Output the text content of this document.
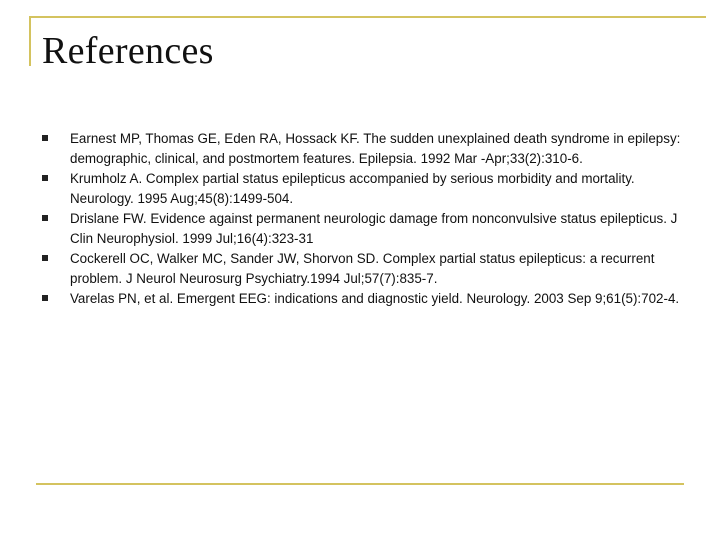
References
Earnest MP, Thomas GE, Eden RA, Hossack KF. The sudden unexplained death syndrome in epilepsy: demographic, clinical, and postmortem features. Epilepsia. 1992 Mar -Apr;33(2):310-6.
Krumholz A. Complex partial status epilepticus accompanied by serious morbidity and mortality. Neurology. 1995 Aug;45(8):1499-504.
Drislane FW. Evidence against permanent neurologic damage from nonconvulsive status epilepticus. J Clin Neurophysiol. 1999 Jul;16(4):323-31
Cockerell OC, Walker MC, Sander JW, Shorvon SD. Complex partial status epilepticus: a recurrent problem. J Neurol Neurosurg Psychiatry.1994 Jul;57(7):835-7.
Varelas PN, et al. Emergent EEG: indications and diagnostic yield. Neurology. 2003 Sep 9;61(5):702-4.
